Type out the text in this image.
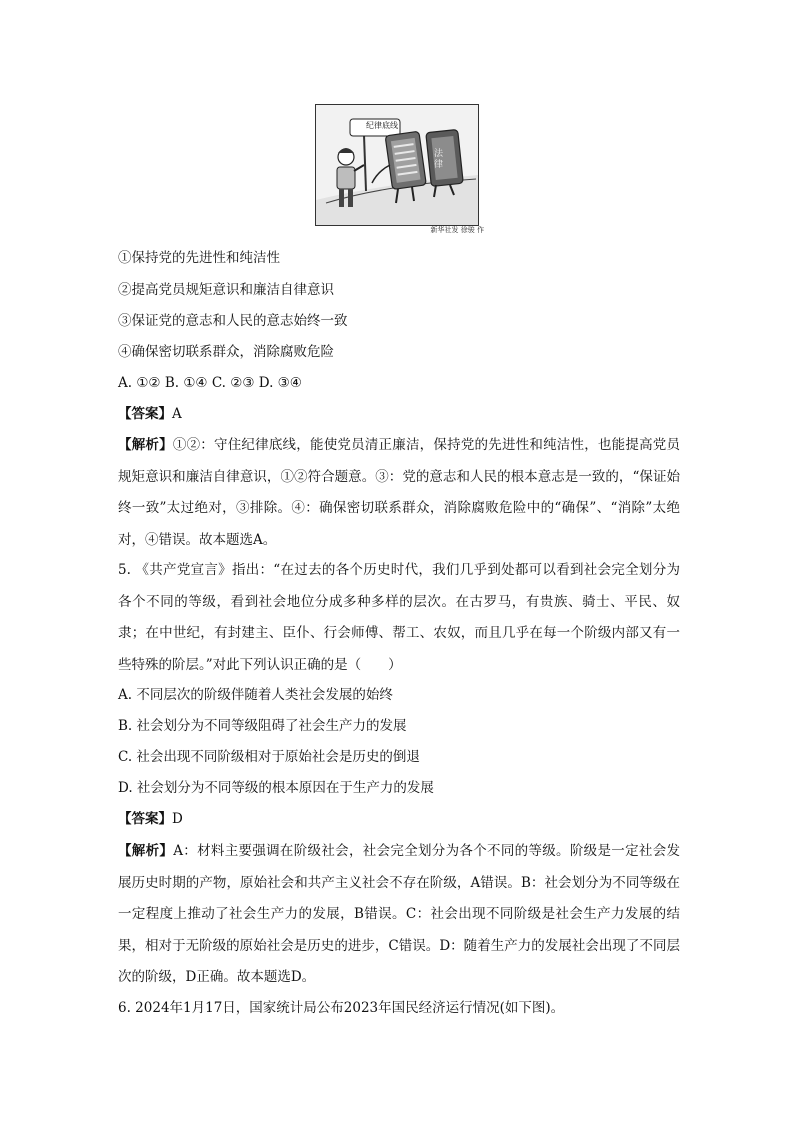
纪律底线
法律
新华社发 徐骏 作
①保持党的先进性和纯洁性
②提高党员规矩意识和廉洁自律意识
③保证党的意志和人民的意志始终一致
④确保密切联系群众，消除腐败危险
A. ①② B. ①④ C. ②③ D. ③④
【答案】A
【解析】①②：守住纪律底线，能使党员清正廉洁，保持党的先进性和纯洁性，也能提高党员规矩意识和廉洁自律意识，①②符合题意。③：党的意志和人民的根本意志是一致的，“保证始终一致”太过绝对，③排除。④：确保密切联系群众，消除腐败危险中的“确保”、“消除”太绝对，④错误。故本题选A。
5. 《共产党宣言》指出：“在过去的各个历史时代，我们几乎到处都可以看到社会完全划分为各个不同的等级，看到社会地位分成多种多样的层次。在古罗马，有贵族、骑士、平民、奴隶；在中世纪，有封建主、臣仆、行会师傅、帮工、农奴，而且几乎在每一个阶级内部又有一些特殊的阶层。”对此下列认识正确的是（　　）
A. 不同层次的阶级伴随着人类社会发展的始终
B. 社会划分为不同等级阻碍了社会生产力的发展
C. 社会出现不同阶级相对于原始社会是历史的倒退
D. 社会划分为不同等级的根本原因在于生产力的发展
【答案】D
【解析】A：材料主要强调在阶级社会，社会完全划分为各个不同的等级。阶级是一定社会发展历史时期的产物，原始社会和共产主义社会不存在阶级，A错误。B：社会划分为不同等级在一定程度上推动了社会生产力的发展，B错误。C：社会出现不同阶级是社会生产力发展的结果，相对于无阶级的原始社会是历史的进步，C错误。D：随着生产力的发展社会出现了不同层次的阶级，D正确。故本题选D。
6. 2024年1月17日，国家统计局公布2023年国民经济运行情况(如下图)。
